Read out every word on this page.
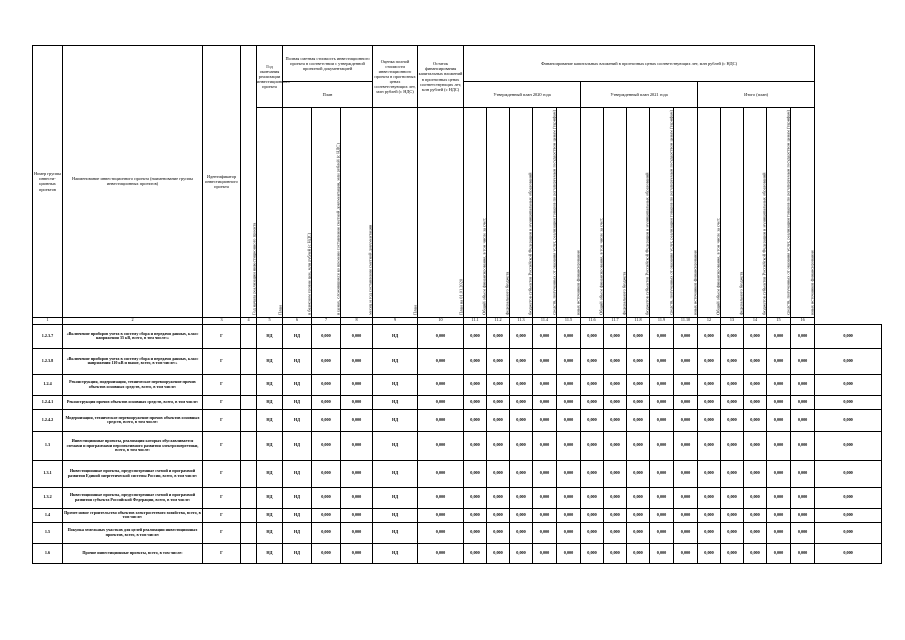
Номер группы инвести-ционных проектов	Наименование инвестиционного проекта (наименование группы инвестиционных проектов)	Идентификатор инвестиционного проекта	Год начала реализации инвестиционного проекта	Год окончания реализации инвестиционного проекта	Полная сметная стоимость инвестиционного проекта в соответствии с утвержденной проектной документацией			Оценка полной стоимости инвестиционного проекта в прогнозных ценах соответствующих лет, млн рублей (с НДС)	Остаток финансирования капитальных вложений в прогнозных ценах соответствующих лет, млн рублей (с НДС)	Финансирование капитальных вложений в прогнозных ценах соответствующих лет, млн рублей (с НДС)															
					План					Утвержденный план 2020 года					Утвержденный план 2021 года					Итого (план)					
				План	в базисном уровне цен, млн рублей (с НДС)	в ценах, сложившихся ко времени составления сметной документации, млн рублей (с НДС)	месяц и год составления сметной документации	План	План на 01.01.2020	Общий объем финансирования, в том числе за счет:	федерального бюджета	бюджетов субъектов Российской Федерации и муниципальных образований	средств, полученных от оказания услуг, реализации товаров по регулируемым государством ценам (тарифам)	иных источников финансирования	Общий объем финансирования, в том числе за счет:	федерального бюджета	бюджетов субъектов Российской Федерации и муниципальных образований	средств, полученных от оказания услуг, реализации товаров по регулируемым государством ценам (тарифам)	иных источников финансирования	Общий объем финансирования, в том числе за счет:	федерального бюджета	бюджетов субъектов Российской Федерации и муниципальных образований	средств, полученных от оказания услуг, реализации товаров по регулируемым государством ценам (тарифам)	иных источников финансирования	
1	2	3	4	5	6	7	8	9	10	11.1	11.2	11.3	11.4	11.5	11.6	11.7	11.8	11.9	11.10	12	13	14	15	16	
1.2.3.7	«Включение приборов учета в систему сбора и передачи данных, класс напряжения 35 кВ, всего, в том числе:»	Г		НД	НД	0,000	0,000	НД	0,000	0,000	0,000	0,000	0,000	0,000	0,000	0,000	0,000	0,000	0,000	0,000	0,000	0,000	0,000	0,000	0,000
1.2.3.8	«Включение приборов учета в систему сбора и передачи данных, класс напряжения 110 кВ и выше, всего, в том числе:»	Г		НД	НД	0,000	0,000	НД	0,000	0,000	0,000	0,000	0,000	0,000	0,000	0,000	0,000	0,000	0,000	0,000	0,000	0,000	0,000	0,000	0,000
1.2.4	Реконструкция, модернизация, техническое перевооружение прочих объектов основных средств, всего, в том числе:	Г		НД	НД	0,000	0,000	НД	0,000	0,000	0,000	0,000	0,000	0,000	0,000	0,000	0,000	0,000	0,000	0,000	0,000	0,000	0,000	0,000	0,000
1.2.4.1	Реконструкция прочих объектов основных средств, всего, в том числе:	Г		НД	НД	0,000	0,000	НД	0,000	0,000	0,000	0,000	0,000	0,000	0,000	0,000	0,000	0,000	0,000	0,000	0,000	0,000	0,000	0,000	0,000
1.2.4.2	Модернизация, техническое перевооружение прочих объектов основных средств, всего, в том числе:	Г		НД	НД	0,000	0,000	НД	0,000	0,000	0,000	0,000	0,000	0,000	0,000	0,000	0,000	0,000	0,000	0,000	0,000	0,000	0,000	0,000	0,000
1.3	Инвестиционные проекты, реализация которых обуславливается схемами и программами перспективного развития электроэнергетики, всего, в том числе:	Г		НД	НД	0,000	0,000	НД	0,000	0,000	0,000	0,000	0,000	0,000	0,000	0,000	0,000	0,000	0,000	0,000	0,000	0,000	0,000	0,000	0,000
1.3.1	Инвестиционные проекты, предусмотренные схемой и программой развития Единой энергетической системы России, всего, в том числе:	Г		НД	НД	0,000	0,000	НД	0,000	0,000	0,000	0,000	0,000	0,000	0,000	0,000	0,000	0,000	0,000	0,000	0,000	0,000	0,000	0,000	0,000
1.3.2	Инвестиционные проекты, предусмотренные схемой и программой развития субъекта Российской Федерации, всего, в том числе:	Г		НД	НД	0,000	0,000	НД	0,000	0,000	0,000	0,000	0,000	0,000	0,000	0,000	0,000	0,000	0,000	0,000	0,000	0,000	0,000	0,000	0,000
1.4	Прочее новое строительство объектов электросетевого хозяйства, всего, в том числе:	Г		НД	НД	0,000	0,000	НД	0,000	0,000	0,000	0,000	0,000	0,000	0,000	0,000	0,000	0,000	0,000	0,000	0,000	0,000	0,000	0,000	0,000
1.5	Покупка земельных участков для целей реализации инвестиционных проектов, всего, в том числе:	Г		НД	НД	0,000	0,000	НД	0,000	0,000	0,000	0,000	0,000	0,000	0,000	0,000	0,000	0,000	0,000	0,000	0,000	0,000	0,000	0,000	0,000
1.6	Прочие инвестиционные проекты, всего, в том числе:	Г		НД	НД	0,000	0,000	НД	0,000	0,000	0,000	0,000	0,000	0,000	0,000	0,000	0,000	0,000	0,000	0,000	0,000	0,000	0,000	0,000	0,000
